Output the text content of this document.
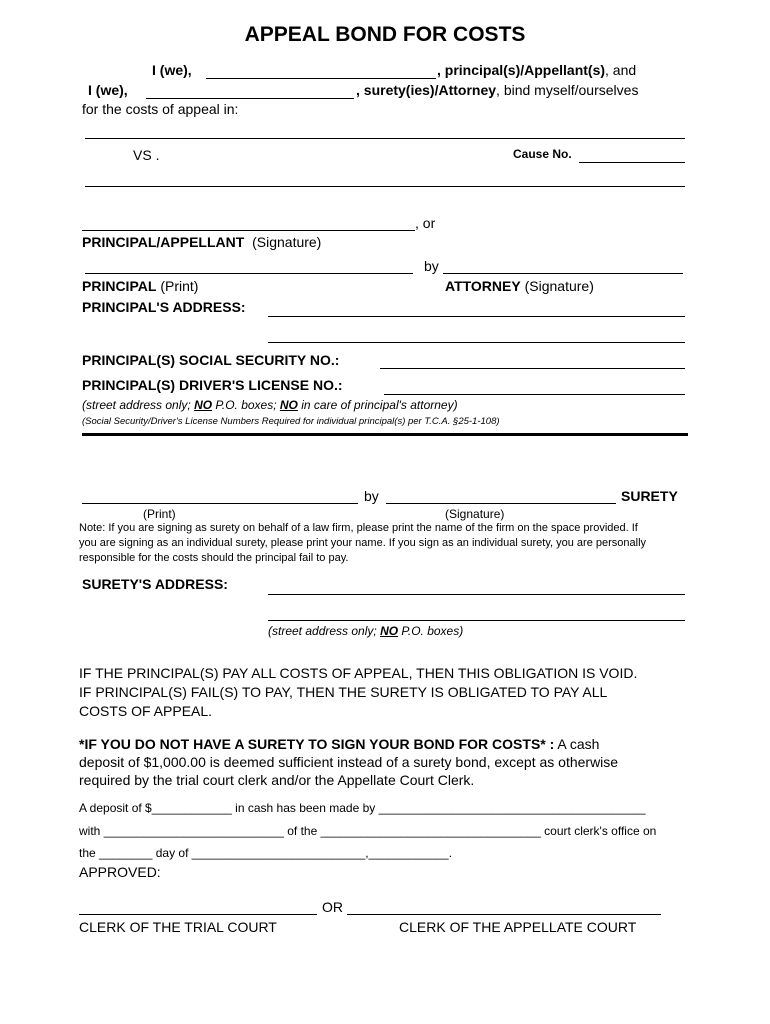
APPEAL BOND FOR COSTS
I (we),	, principal(s)/Appellant(s), and
I (we),	, surety(ies)/Attorney, bind myself/ourselves
for the costs of appeal in:
VS .	Cause No.
, or
PRINCIPAL/APPELLANT (Signature)
by
PRINCIPAL (Print)	ATTORNEY (Signature)
PRINCIPAL'S ADDRESS:
PRINCIPAL(S) SOCIAL SECURITY NO.:
PRINCIPAL(S) DRIVER'S LICENSE NO.:
(street address only; NO P.O. boxes; NO in care of principal's attorney)
(Social Security/Driver's License Numbers Required for individual principal(s) per T.C.A. §25-1-108)
by	SURETY
(Print)	(Signature)
Note: If you are signing as surety on behalf of a law firm, please print the name of the firm on the space provided. If
you are signing as an individual surety, please print your name. If you sign as an individual surety, you are personally
responsible for the costs should the principal fail to pay.
SURETY'S ADDRESS:
(street address only; NO P.O. boxes)
IF THE PRINCIPAL(S) PAY ALL COSTS OF APPEAL, THEN THIS OBLIGATION IS VOID.
IF PRINCIPAL(S) FAIL(S) TO PAY, THEN THE SURETY IS OBLIGATED TO PAY ALL
COSTS OF APPEAL.
*IF YOU DO NOT HAVE A SURETY TO SIGN YOUR BOND FOR COSTS* : A cash
deposit of $1,000.00 is deemed sufficient instead of a surety bond, except as otherwise
required by the trial court clerk and/or the Appellate Court Clerk.
A deposit of $____________ in cash has been made by ________________________________________
with ___________________________ of the _________________________________ court clerk's office on
the ________ day of __________________________,____________.
APPROVED:
OR
CLERK OF THE TRIAL COURT	CLERK OF THE APPELLATE COURT
